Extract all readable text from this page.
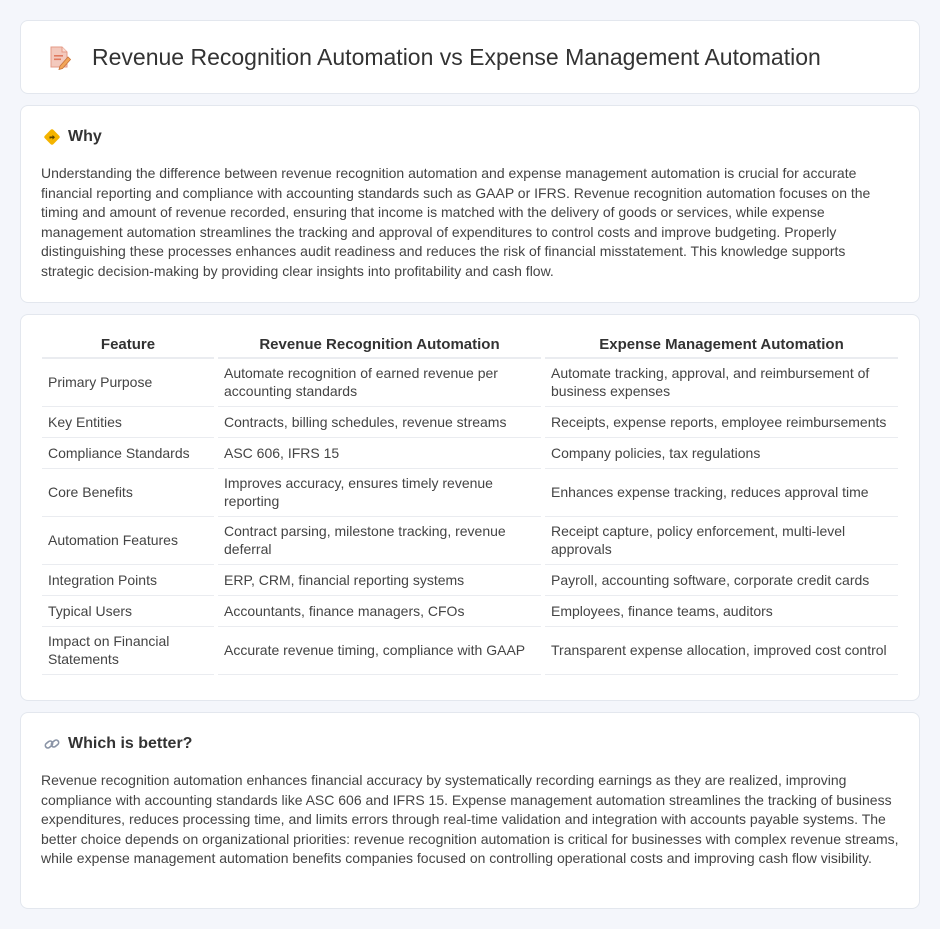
Revenue Recognition Automation vs Expense Management Automation
Why

Understanding the difference between revenue recognition automation and expense management automation is crucial for accurate financial reporting and compliance with accounting standards such as GAAP or IFRS. Revenue recognition automation focuses on the timing and amount of revenue recorded, ensuring that income is matched with the delivery of goods or services, while expense management automation streamlines the tracking and approval of expenditures to control costs and improve budgeting. Properly distinguishing these processes enhances audit readiness and reduces the risk of financial misstatement. This knowledge supports strategic decision-making by providing clear insights into profitability and cash flow.

Feature	Revenue Recognition Automation	Expense Management Automation
Primary Purpose	Automate recognition of earned revenue per accounting standards	Automate tracking, approval, and reimbursement of business expenses
Key Entities	Contracts, billing schedules, revenue streams	Receipts, expense reports, employee reimbursements
Compliance Standards	ASC 606, IFRS 15	Company policies, tax regulations
Core Benefits	Improves accuracy, ensures timely revenue reporting	Enhances expense tracking, reduces approval time
Automation Features	Contract parsing, milestone tracking, revenue deferral	Receipt capture, policy enforcement, multi-level approvals
Integration Points	ERP, CRM, financial reporting systems	Payroll, accounting software, corporate credit cards
Typical Users	Accountants, finance managers, CFOs	Employees, finance teams, auditors
Impact on Financial Statements	Accurate revenue timing, compliance with GAAP	Transparent expense allocation, improved cost control
Which is better?

Revenue recognition automation enhances financial accuracy by systematically recording earnings as they are realized, improving compliance with accounting standards like ASC 606 and IFRS 15. Expense management automation streamlines the tracking of business expenditures, reduces processing time, and limits errors through real-time validation and integration with accounts payable systems. The better choice depends on organizational priorities: revenue recognition automation is critical for businesses with complex revenue streams, while expense management automation benefits companies focused on controlling operational costs and improving cash flow visibility.
